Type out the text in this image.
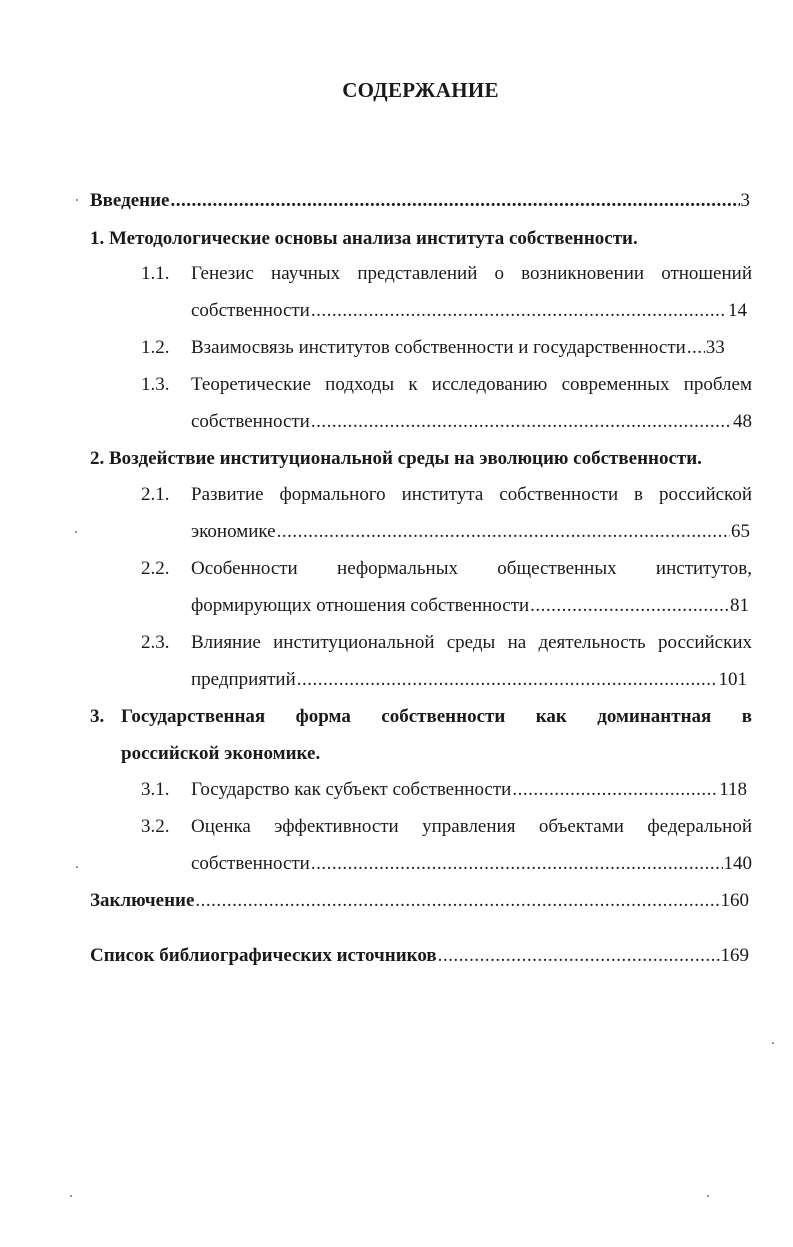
СОДЕРЖАНИЕ
Введение .....	3
1. Методологические основы анализа института собственности.
1.1. Генезис научных представлений о возникновении отношений
собственности .....	14
1.2. Взаимосвязь институтов собственности и государственности ..... 33
1.3. Теоретические подходы к исследованию современных проблем
собственности .....	48
2. Воздействие институциональной среды на эволюцию собственности.
2.1. Развитие формального института собственности в российской
экономике .....	65
2.2. Особенности неформальных общественных институтов,
формирующих отношения собственности .....	81
2.3. Влияние институциональной среды на деятельность российских
предприятий .....	101
3. Государственная форма собственности как доминантная в
российской экономике.
3.1. Государство как субъект собственности .....	118
3.2. Оценка эффективности управления объектами федеральной
собственности .....	140
Заключение .....	160
Список библиографических источников .....	169
